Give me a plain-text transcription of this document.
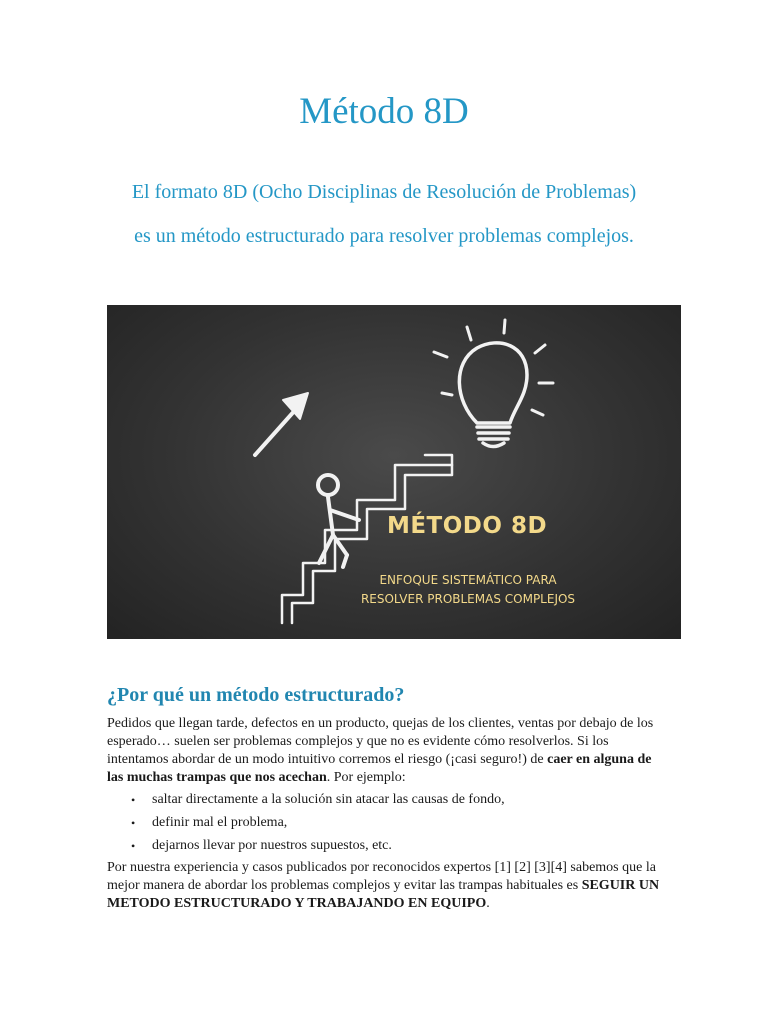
Método 8D

El formato 8D (Ocho Disciplinas de Resolución de Problemas) es un método estructurado para resolver problemas complejos.

MÉTODO 8D
ENFOQUE SISTEMÁTICO PARA
RESOLVER PROBLEMAS COMPLEJOS
¿Por qué un método estructurado?

Pedidos que llegan tarde, defectos en un producto, quejas de los clientes, ventas por debajo de los esperado… suelen ser problemas complejos y que no es evidente cómo resolverlos. Si los intentamos abordar de un modo intuitivo corremos el riesgo (¡casi seguro!) de caer en alguna de las muchas trampas que nos acechan. Por ejemplo:

• saltar directamente a la solución sin atacar las causas de fondo,
• definir mal el problema,
• dejarnos llevar por nuestros supuestos, etc.

Por nuestra experiencia y casos publicados por reconocidos expertos [1] [2] [3][4] sabemos que la mejor manera de abordar los problemas complejos y evitar las trampas habituales es SEGUIR UN METODO ESTRUCTURADO Y TRABAJANDO EN EQUIPO.
